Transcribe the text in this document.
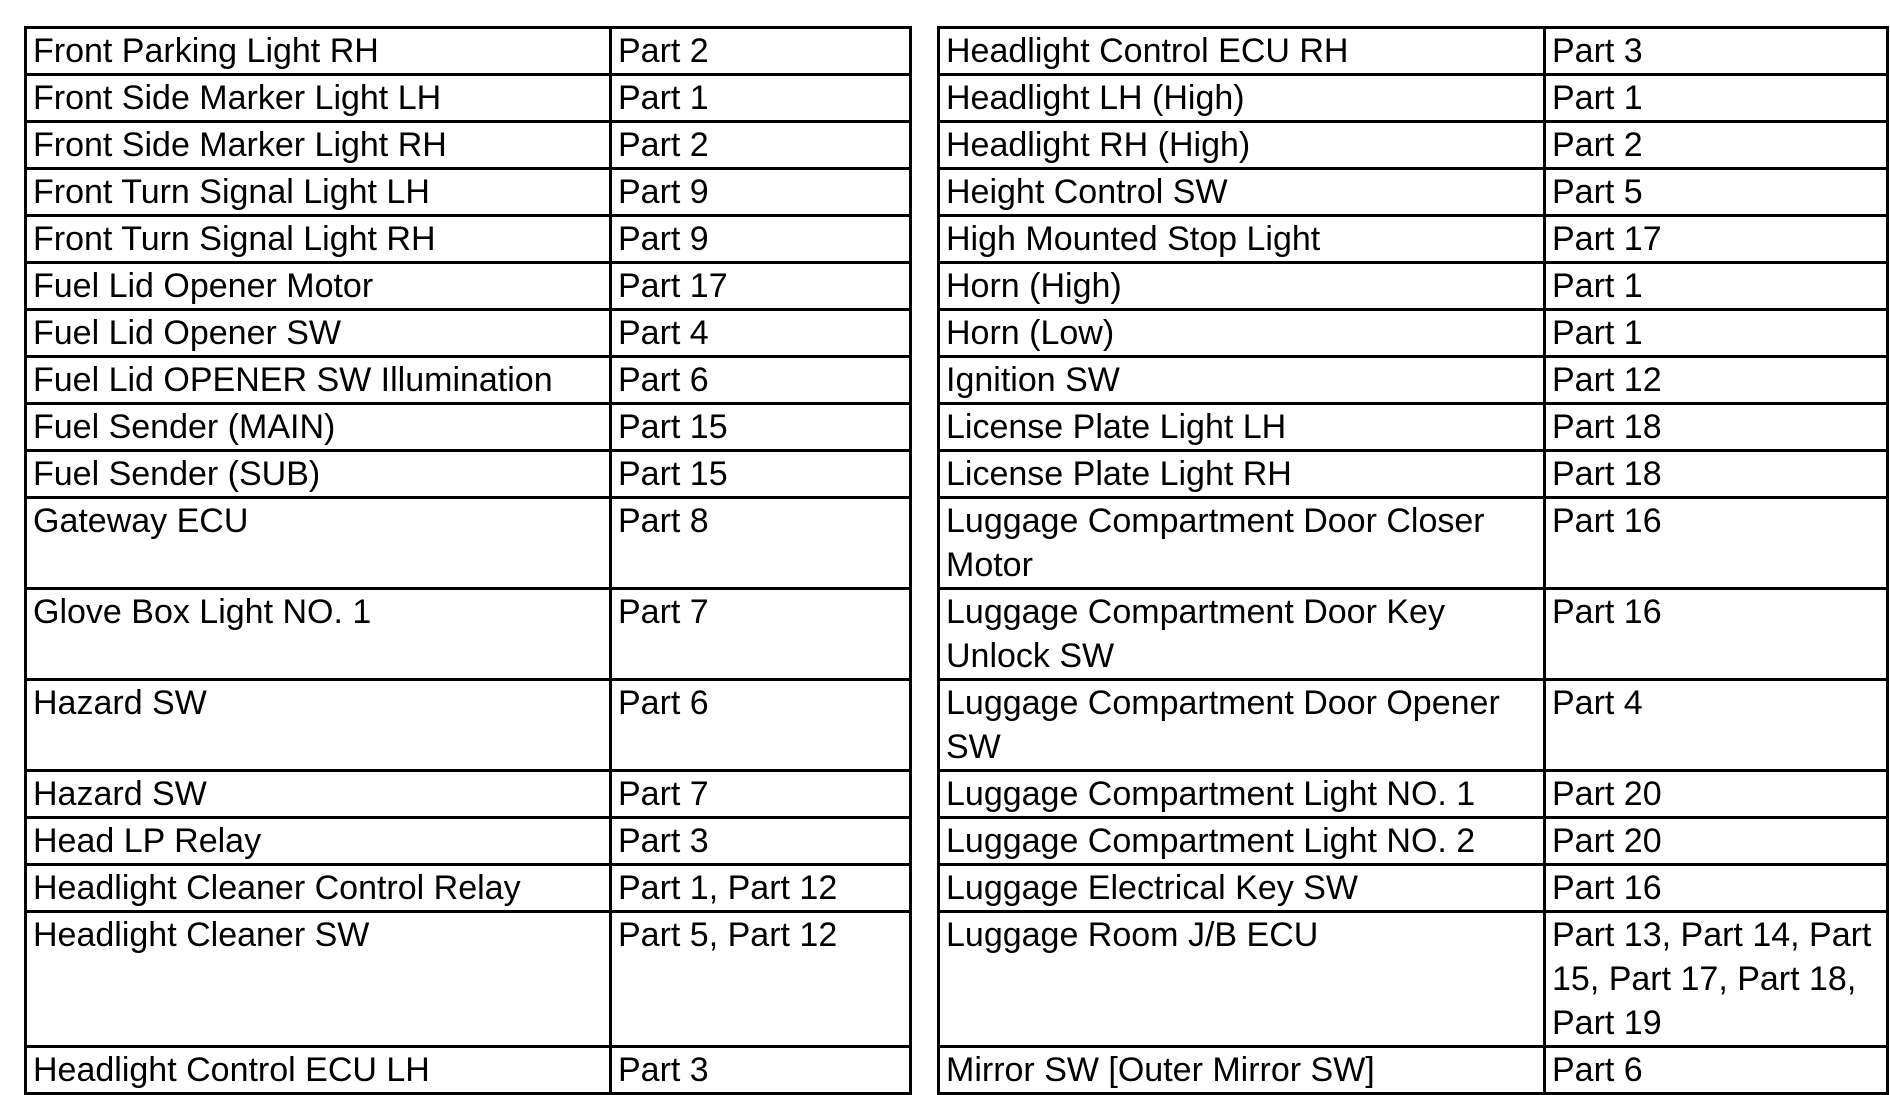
Front Parking Light RH	Part 2		Headlight Control ECU RH	Part 3
Front Side Marker Light LH	Part 1		Headlight LH (High)	Part 1
Front Side Marker Light RH	Part 2		Headlight RH (High)	Part 2
Front Turn Signal Light LH	Part 9		Height Control SW	Part 5
Front Turn Signal Light RH	Part 9		High Mounted Stop Light	Part 17
Fuel Lid Opener Motor	Part 17		Horn (High)	Part 1
Fuel Lid Opener SW	Part 4		Horn (Low)	Part 1
Fuel Lid OPENER SW Illumination	Part 6		Ignition SW	Part 12
Fuel Sender (MAIN)	Part 15		License Plate Light LH	Part 18
Fuel Sender (SUB)	Part 15		License Plate Light RH	Part 18
Gateway ECU	Part 8		Luggage Compartment Door Closer Motor	Part 16
Glove Box Light NO. 1	Part 7		Luggage Compartment Door Key Unlock SW	Part 16
Hazard SW	Part 6		Luggage Compartment Door Opener SW	Part 4
Hazard SW	Part 7		Luggage Compartment Light NO. 1	Part 20
Head LP Relay	Part 3		Luggage Compartment Light NO. 2	Part 20
Headlight Cleaner Control Relay	Part 1, Part 12		Luggage Electrical Key SW	Part 16
Headlight Cleaner SW	Part 5, Part 12		Luggage Room J/B ECU	Part 13, Part 14, Part 15, Part 17, Part 18, Part 19
Headlight Control ECU LH	Part 3		Mirror SW [Outer Mirror SW]	Part 6
